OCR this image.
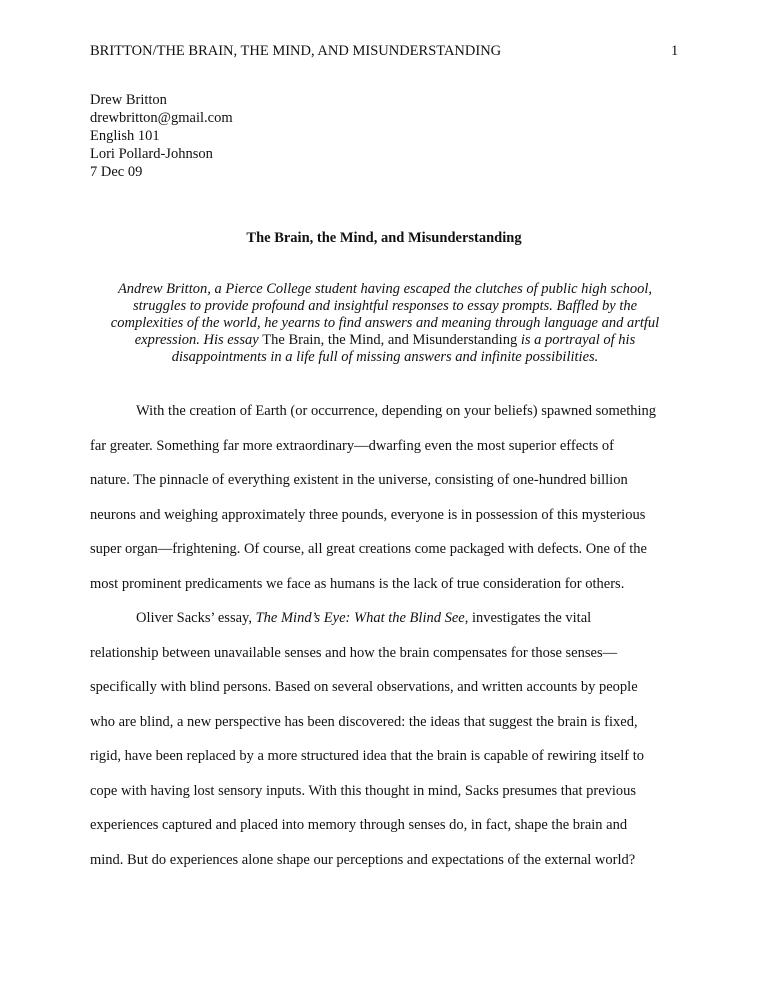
BRITTON/THE BRAIN, THE MIND, AND MISUNDERSTANDING	1
Drew Britton
drewbritton@gmail.com
English 101
Lori Pollard-Johnson
7 Dec 09
The Brain, the Mind, and Misunderstanding
Andrew Britton, a Pierce College student having escaped the clutches of public high school, struggles to provide profound and insightful responses to essay prompts. Baffled by the complexities of the world, he yearns to find answers and meaning through language and artful expression. His essay The Brain, the Mind, and Misunderstanding is a portrayal of his disappointments in a life full of missing answers and infinite possibilities.
With the creation of Earth (or occurrence, depending on your beliefs) spawned something
far greater. Something far more extraordinary—dwarfing even the most superior effects of
nature. The pinnacle of everything existent in the universe, consisting of one-hundred billion
neurons and weighing approximately three pounds, everyone is in possession of this mysterious
super organ—frightening. Of course, all great creations come packaged with defects. One of the
most prominent predicaments we face as humans is the lack of true consideration for others.
Oliver Sacks’ essay, The Mind’s Eye: What the Blind See, investigates the vital
relationship between unavailable senses and how the brain compensates for those senses—
specifically with blind persons. Based on several observations, and written accounts by people
who are blind, a new perspective has been discovered: the ideas that suggest the brain is fixed,
rigid, have been replaced by a more structured idea that the brain is capable of rewiring itself to
cope with having lost sensory inputs. With this thought in mind, Sacks presumes that previous
experiences captured and placed into memory through senses do, in fact, shape the brain and
mind. But do experiences alone shape our perceptions and expectations of the external world?
